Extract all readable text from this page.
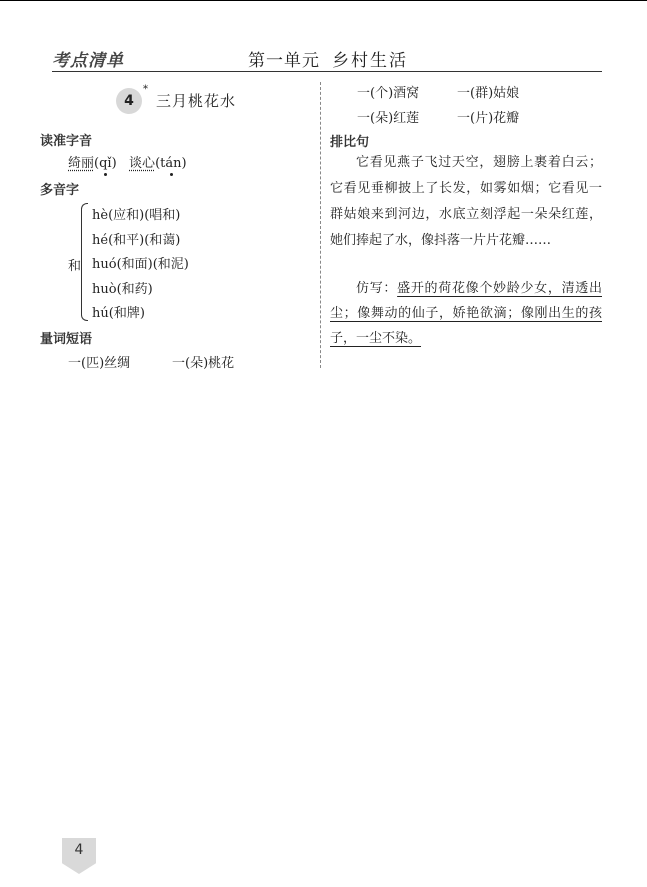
考点清单	第一单元 乡村生活
4
*
三月桃花水
读准字音
绮丽(qǐ)   谈心(tán)
多音字
和
hè(应和)(唱和)
hé(和平)(和蔼)
huó(和面)(和泥)
huò(和药)
hú(和牌)
量词短语
一(匹)丝绸	一(朵)桃花
一(个)酒窝	一(群)姑娘
一(朵)红莲	一(片)花瓣
排比句

它看见燕子飞过天空，翅膀上裹着白云；它看见垂柳披上了长发，如雾如烟；它看见一群姑娘来到河边，水底立刻浮起一朵朵红莲，她们捧起了水，像抖落一片片花瓣……

仿写：盛开的荷花像个妙龄少女，清透出尘；像舞动的仙子，娇艳欲滴；像刚出生的孩子，一尘不染。

4
